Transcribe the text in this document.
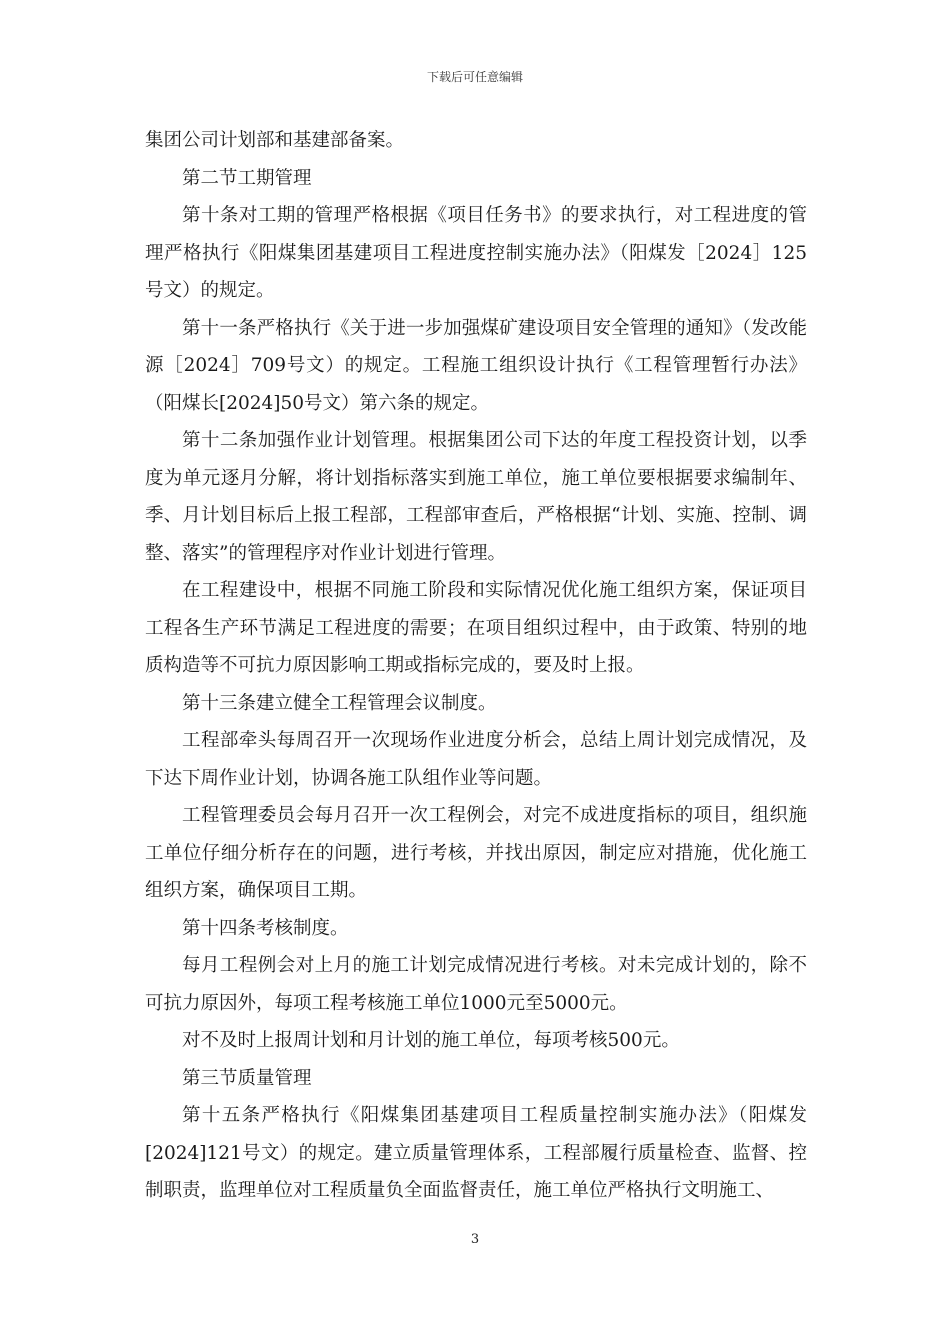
下载后可任意编辑

集团公司计划部和基建部备案。

第二节工期管理

第十条对工期的管理严格根据《项目任务书》的要求执行，对工程进度的管理严格执行《阳煤集团基建项目工程进度控制实施办法》（阳煤发［2024］125号文）的规定。

第十一条严格执行《关于进一步加强煤矿建设项目安全管理的通知》（发改能源［2024］709号文）的规定。工程施工组织设计执行《工程管理暂行办法》（阳煤长[2024]50号文）第六条的规定。

第十二条加强作业计划管理。根据集团公司下达的年度工程投资计划，以季度为单元逐月分解，将计划指标落实到施工单位，施工单位要根据要求编制年、季、月计划目标后上报工程部，工程部审查后，严格根据“计划、实施、控制、调整、落实”的管理程序对作业计划进行管理。

在工程建设中，根据不同施工阶段和实际情况优化施工组织方案，保证项目工程各生产环节满足工程进度的需要；在项目组织过程中，由于政策、特别的地质构造等不可抗力原因影响工期或指标完成的，要及时上报。

第十三条建立健全工程管理会议制度。

工程部牵头每周召开一次现场作业进度分析会，总结上周计划完成情况，及下达下周作业计划，协调各施工队组作业等问题。

工程管理委员会每月召开一次工程例会，对完不成进度指标的项目，组织施工单位仔细分析存在的问题，进行考核，并找出原因，制定应对措施，优化施工组织方案，确保项目工期。

第十四条考核制度。

每月工程例会对上月的施工计划完成情况进行考核。对未完成计划的，除不可抗力原因外，每项工程考核施工单位1000元至5000元。

对不及时上报周计划和月计划的施工单位，每项考核500元。

第三节质量管理

第十五条严格执行《阳煤集团基建项目工程质量控制实施办法》（阳煤发[2024]121号文）的规定。建立质量管理体系，工程部履行质量检查、监督、控制职责，监理单位对工程质量负全面监督责任，施工单位严格执行文明施工、

3
